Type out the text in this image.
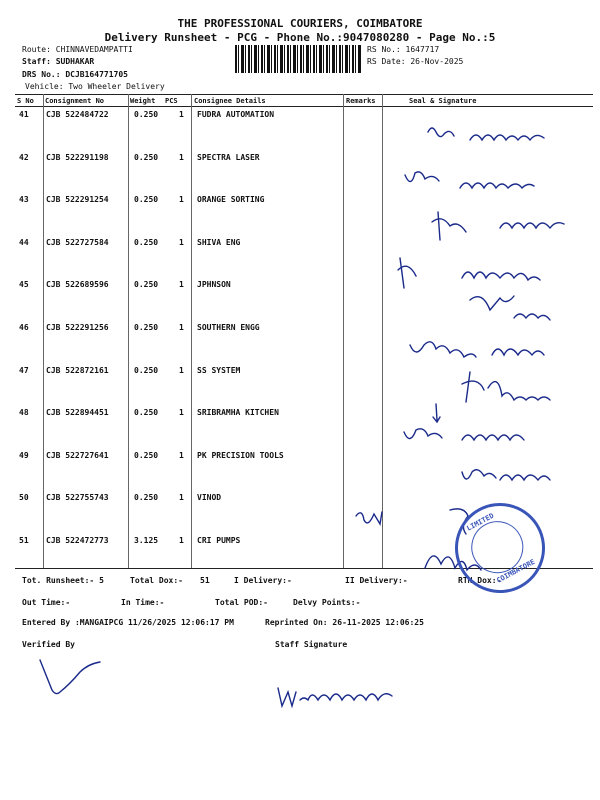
THE PROFESSIONAL COURIERS, COIMBATORE
Delivery Runsheet - PCG - Phone No.:9047080280 - Page No.:5
Route: CHINNAVEDAMPATTI
Staff: SUDHAKAR
DRS No.: DCJB164771705
Vehicle: Two Wheeler Delivery
RS No.: 1647717
RS Date: 26-Nov-2025
S No Consignment No	Weight PCS Consignee Details	Remarks	Seal & Signature
41 CJB 522484722	0.250	1 FUDRA AUTOMATION
42 CJB 522291198	0.250	1 SPECTRA LASER
43 CJB 522291254	0.250	1 ORANGE SORTING
44 CJB 522727584	0.250	1 SHIVA ENG
45 CJB 522689596	0.250	1 JPHNSON
46 CJB 522291256	0.250	1 SOUTHERN ENGG
47 CJB 522872161	0.250	1 SS SYSTEM
48 CJB 522894451	0.250	1 SRIBRAMHA KITCHEN
49 CJB 522727641	0.250	1 PK PRECISION TOOLS
50 CJB 522755743	0.250	1 VINOD
51 CJB 522472773	3.125	1 CRI PUMPS
Tot. Runsheet:- 5	Total Dox:- 51	I Delivery:-	II Delivery:-	RTN Dox:-
Out Time:-	In Time:-	Total POD:-	Delvy Points:-
Entered By :MANGAIPCG 11/26/2025 12:06:17 PM	Reprinted On: 26-11-2025 12:06:25
Verified By	Staff Signature
LIMITED
COIMBATORE
